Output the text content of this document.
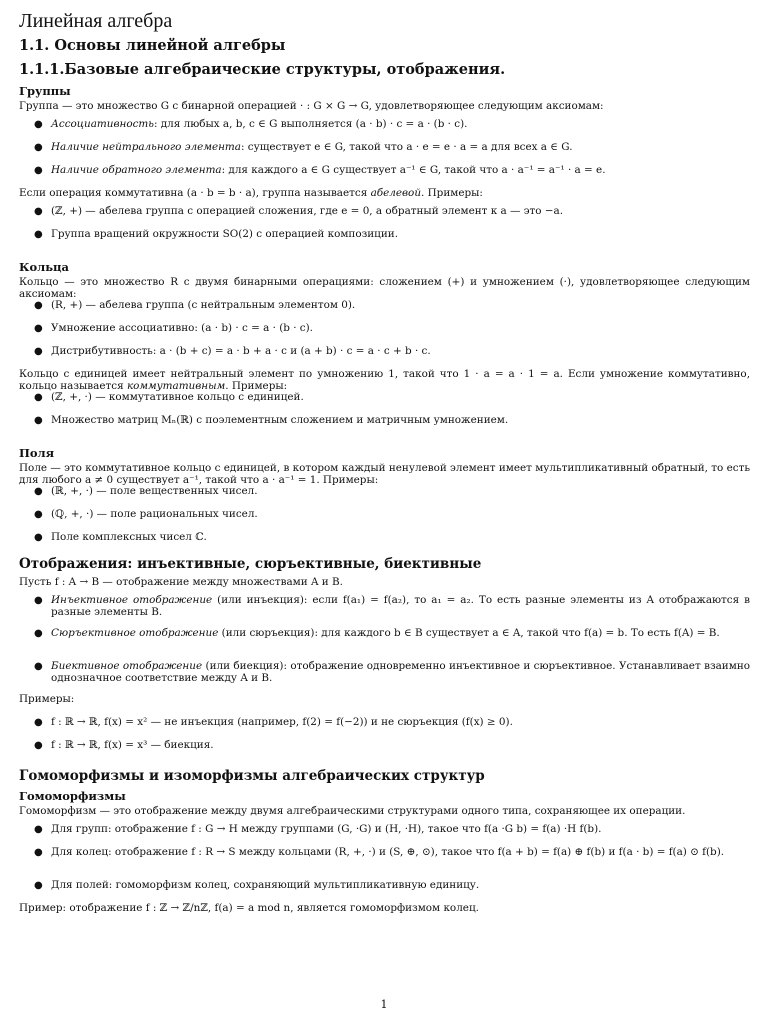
Линейная алгебра
1.1. Основы линейной алгебры
1.1.1.Базовые алгебраические структуры, отображения.
Группы

Группа — это множество G с бинарной операцией · : G × G → G, удовлетворяющее следующим аксиомам:

● Ассоциативность: для любых a, b, c ∈ G выполняется (a · b) · c = a · (b · c).
● Наличие нейтрального элемента: существует e ∈ G, такой что a · e = e · a = a для всех a ∈ G.
● Наличие обратного элемента: для каждого a ∈ G существует a⁻¹ ∈ G, такой что a · a⁻¹ = a⁻¹ · a = e.

Если операция коммутативна (a · b = b · a), группа называется абелевой. Примеры:

● (ℤ, +) — абелева группа с операцией сложения, где e = 0, а обратный элемент к a — это −a.
● Группа вращений окружности SO(2) с операцией композиции.
Кольца

Кольцо — это множество R с двумя бинарными операциями: сложением (+) и умножением (·), удовлетворяющее следующим аксиомам:

● (R, +) — абелева группа (с нейтральным элементом 0).
● Умножение ассоциативно: (a · b) · c = a · (b · c).
● Дистрибутивность: a · (b + c) = a · b + a · c и (a + b) · c = a · c + b · c.

Кольцо с единицей имеет нейтральный элемент по умножению 1, такой что 1 · a = a · 1 = a. Если умножение коммутативно, кольцо называется коммутативным. Примеры:

● (ℤ, +, ·) — коммутативное кольцо с единицей.
● Множество матриц Mₙ(ℝ) с поэлементным сложением и матричным умножением.
Поля

Поле — это коммутативное кольцо с единицей, в котором каждый ненулевой элемент имеет мультипликативный обратный, то есть для любого a ≠ 0 существует a⁻¹, такой что a · a⁻¹ = 1. Примеры:

● (ℝ, +, ·) — поле вещественных чисел.
● (ℚ, +, ·) — поле рациональных чисел.
● Поле комплексных чисел ℂ.
Отображения: инъективные, сюръективные, биективные

Пусть f : A → B — отображение между множествами A и B.

● Инъективное отображение (или инъекция): если f(a₁) = f(a₂), то a₁ = a₂. То есть разные элементы из A отображаются в разные элементы B.
● Сюръективное отображение (или сюръекция): для каждого b ∈ B существует a ∈ A, такой что f(a) = b. То есть f(A) = B.
● Биективное отображение (или биекция): отображение одновременно инъективное и сюръективное. Устанавливает взаимно однозначное соответствие между A и B.

Примеры:

● f : ℝ → ℝ, f(x) = x² — не инъекция (например, f(2) = f(−2)) и не сюръекция (f(x) ≥ 0).
● f : ℝ → ℝ, f(x) = x³ — биекция.
Гомоморфизмы и изоморфизмы алгебраических структур
Гомоморфизмы

Гомоморфизм — это отображение между двумя алгебраическими структурами одного типа, сохраняющее их операции.

● Для групп: отображение f : G → H между группами (G, ·G) и (H, ·H), такое что f(a ·G b) = f(a) ·H f(b).
● Для колец: отображение f : R → S между кольцами (R, +, ·) и (S, ⊕, ⊙), такое что f(a + b) = f(a) ⊕ f(b) и f(a · b) = f(a) ⊙ f(b).
● Для полей: гомоморфизм колец, сохраняющий мультипликативную единицу.

Пример: отображение f : ℤ → ℤ/nℤ, f(a) = a mod n, является гомоморфизмом колец.

1
